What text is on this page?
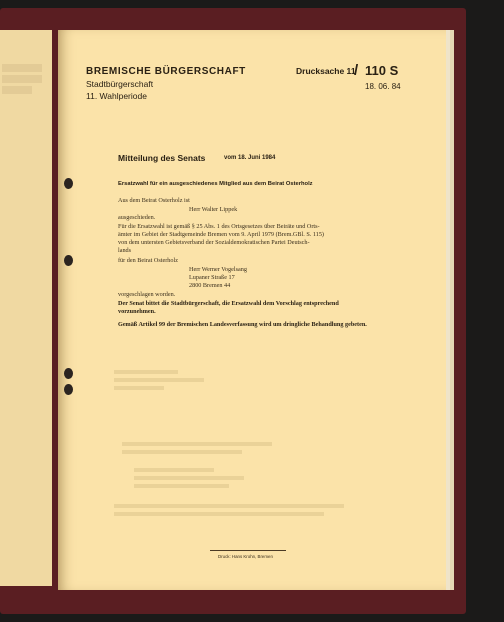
BREMISCHE BÜRGERSCHAFT
Stadtbürgerschaft
11. Wahlperiode
Drucksache 11
/ 110 S
18. 06. 84
Mitteilung des Senats	vom 18. Juni 1984
Ersatzwahl für ein ausgeschiedenes Mitglied aus dem Beirat Osterholz
Aus dem Beirat Osterholz ist
Herr Walter Lippek
ausgeschieden.
Für die Ersatzwahl ist gemäß § 25 Abs. 1 des Ortsgesetzes über Beiräte und Orts-
ämter im Gebiet der Stadtgemeinde Bremen vom 9. April 1979 (Brem.GBl. S. 115)
von dem untersten Gebietsverband der Sozialdemokratischen Partei Deutsch-
lands
für den Beirat Osterholz
Herr Werner Vogelsang
Lupaner Straße 17
2800 Bremen 44
vorgeschlagen worden.
Der Senat bittet die Stadtbürgerschaft, die Ersatzwahl dem Vorschlag entsprechend vorzunehmen.
Gemäß Artikel 99 der Bremischen Landesverfassung wird um dringliche Behandlung gebeten.
Druck: Hans Krohn, Bremen
